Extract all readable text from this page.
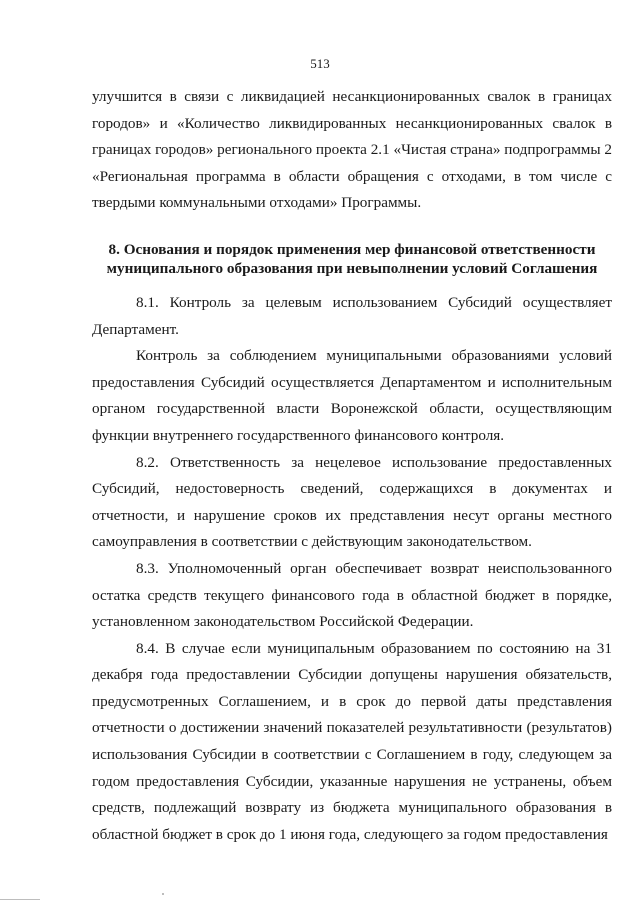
513

улучшится в связи с ликвидацией несанкционированных свалок в границах городов» и «Количество ликвидированных несанкционированных свалок в границах городов» регионального проекта 2.1 «Чистая страна» подпрограммы 2 «Региональная программа в области обращения с отходами, в том числе с твердыми коммунальными отходами» Программы.

8. Основания и порядок применения мер финансовой ответственности муниципального образования при невыполнении условий Соглашения

8.1. Контроль за целевым использованием Субсидий осуществляет Департамент.

Контроль за соблюдением муниципальными образованиями условий предоставления Субсидий осуществляется Департаментом и исполнительным органом государственной власти Воронежской области, осуществляющим функции внутреннего государственного финансового контроля.

8.2. Ответственность за нецелевое использование предоставленных Субсидий, недостоверность сведений, содержащихся в документах и отчетности, и нарушение сроков их представления несут органы местного самоуправления в соответствии с действующим законодательством.

8.3. Уполномоченный орган обеспечивает возврат неиспользованного остатка средств текущего финансового года в областной бюджет в порядке, установленном законодательством Российской Федерации.

8.4. В случае если муниципальным образованием по состоянию на 31 декабря года предоставлении Субсидии допущены нарушения обязательств, предусмотренных Соглашением, и в срок до первой даты представления отчетности о достижении значений показателей результативности (результатов) использования Субсидии в соответствии с Соглашением в году, следующем за годом предоставления Субсидии, указанные нарушения не устранены, объем средств, подлежащий возврату из бюджета муниципального образования в областной бюджет в срок до 1 июня года, следующего за годом предоставления
